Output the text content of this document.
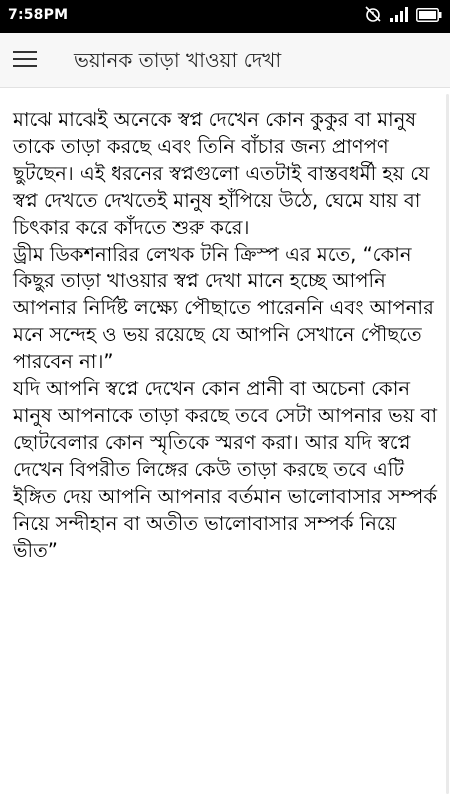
7:58PM
ভয়ানক তাড়া খাওয়া দেখা

মাঝে মাঝেই অনেকে স্বপ্ন দেখেন কোন কুকুর বা মানুষ তাকে তাড়া করছে এবং তিনি বাঁচার জন্য প্রাণপণ ছুটছেন। এই ধরনের স্বপ্নগুলো এতটাই বাস্তবধর্মী হয় যে স্বপ্ন দেখতে দেখতেই মানুষ হাঁপিয়ে উঠে, ঘেমে যায় বা চিৎকার করে কাঁদতে শুরু করে।

ড্রীম ডিকশনারির লেখক টনি ক্রিস্প এর মতে, “কোন কিছুর তাড়া খাওয়ার স্বপ্ন দেখা মানে হচ্ছে আপনি আপনার নির্দিষ্ট লক্ষ্যে পৌছাতে পারেননি এবং আপনার মনে সন্দেহ ও ভয় রয়েছে যে আপনি সেখানে পৌছতে পারবেন না।”

যদি আপনি স্বপ্নে দেখেন কোন প্রানী বা অচেনা কোন মানুষ আপনাকে তাড়া করছে তবে সেটা আপনার ভয় বা ছোটবেলার কোন স্মৃতিকে স্মরণ করা। আর যদি স্বপ্নে দেখেন বিপরীত লিঙ্গের কেউ তাড়া করছে তবে এটি ইঙ্গিত দেয় আপনি আপনার বর্তমান ভালোবাসার সম্পর্ক নিয়ে সন্দীহান বা অতীত ভালোবাসার সম্পর্ক নিয়ে ভীত”
